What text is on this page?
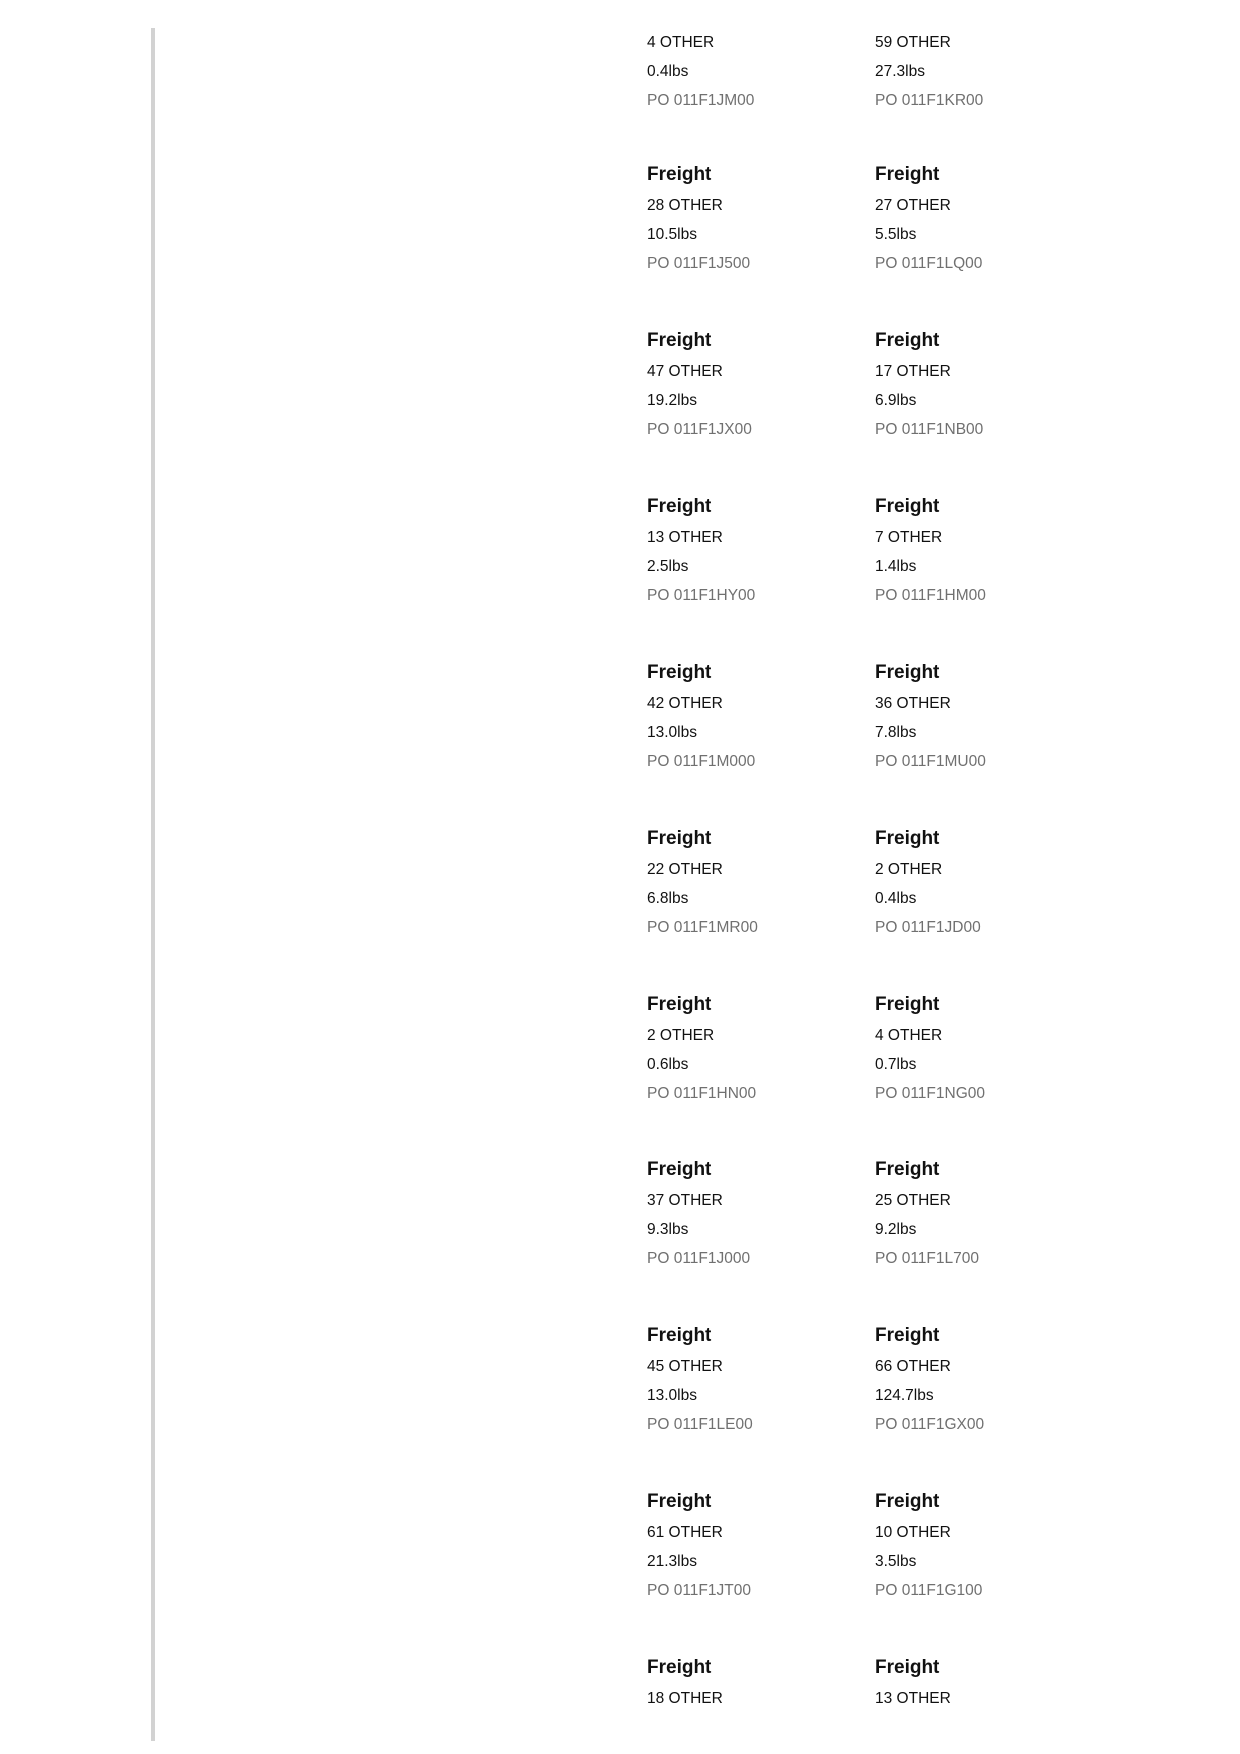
4 OTHER
0.4lbs
PO 011F1JM00
Freight
28 OTHER
10.5lbs
PO 011F1J500
Freight
47 OTHER
19.2lbs
PO 011F1JX00
Freight
13 OTHER
2.5lbs
PO 011F1HY00
Freight
42 OTHER
13.0lbs
PO 011F1M000
Freight
22 OTHER
6.8lbs
PO 011F1MR00
Freight
2 OTHER
0.6lbs
PO 011F1HN00
Freight
37 OTHER
9.3lbs
PO 011F1J000
Freight
45 OTHER
13.0lbs
PO 011F1LE00
Freight
61 OTHER
21.3lbs
PO 011F1JT00
Freight
18 OTHER
59 OTHER
27.3lbs
PO 011F1KR00
Freight
27 OTHER
5.5lbs
PO 011F1LQ00
Freight
17 OTHER
6.9lbs
PO 011F1NB00
Freight
7 OTHER
1.4lbs
PO 011F1HM00
Freight
36 OTHER
7.8lbs
PO 011F1MU00
Freight
2 OTHER
0.4lbs
PO 011F1JD00
Freight
4 OTHER
0.7lbs
PO 011F1NG00
Freight
25 OTHER
9.2lbs
PO 011F1L700
Freight
66 OTHER
124.7lbs
PO 011F1GX00
Freight
10 OTHER
3.5lbs
PO 011F1G100
Freight
13 OTHER
